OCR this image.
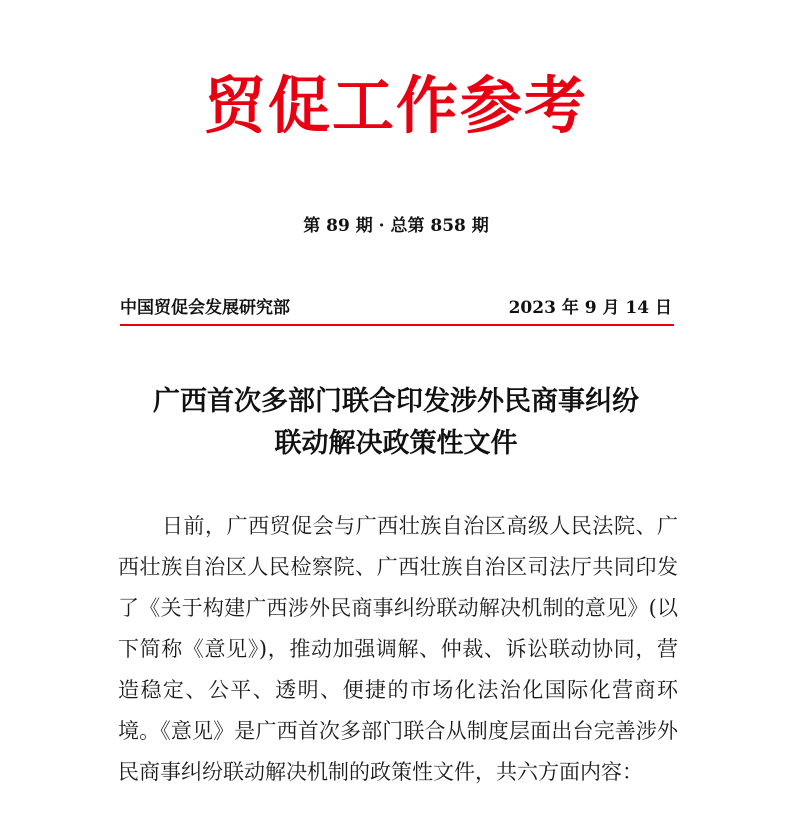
贸促工作参考
第 89 期 · 总第 858 期
中国贸促会发展研究部	2023 年 9 月 14 日
广西首次多部门联合印发涉外民商事纠纷
联动解决政策性文件

日前，广西贸促会与广西壮族自治区高级人民法院、广西壮族自治区人民检察院、广西壮族自治区司法厅共同印发了《关于构建广西涉外民商事纠纷联动解决机制的意见》(以下简称《意见》)，推动加强调解、仲裁、诉讼联动协同，营造稳定、公平、透明、便捷的市场化法治化国际化营商环境。《意见》是广西首次多部门联合从制度层面出台完善涉外民商事纠纷联动解决机制的政策性文件，共六方面内容：
